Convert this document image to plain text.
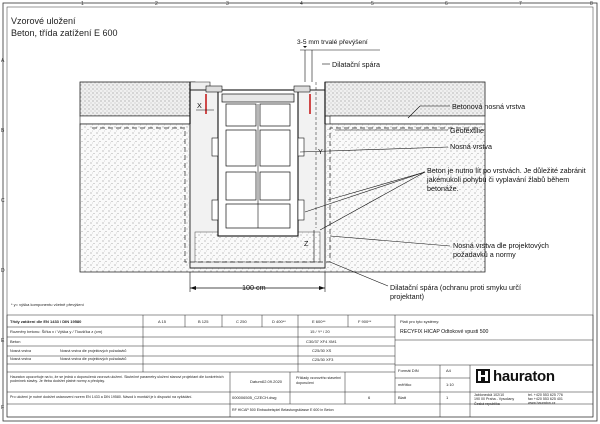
1	2	3	4	5	6	7	8
A
B
C
D
E
F
Vzorové uložení
Beton, třída zatížení E 600
3-5 mm trvalé převýšení
Dilatační spára
Betonová nosná vrstva
Geotextilie
Nosná vrstva
Beton je nutno lít po vrstvách. Je důležité zabránit jakémukoli pohybu či vyplavání žlabů během betonáže.
Nosná vrstva dle projektových požadavků a normy
Dilatační spára (ochranu proti smyku určí projektant)
100 cm
X
Y
Z
* y= výška komponentu včetně převýšení
Třídy zatížení dle EN 1433 / DIN 19580	A 15	B 125	C 250	D 400**	E 600**	F 900**
Rozměry betonu: Šířka x / Výška y / Tloušťka z (cm)	15 / Y* / 20
Beton	C30/37 XF4 XM1
Nosná vrstva	Nosná vrstva dle projektových požadavků	C25/30 XS
Nosná vrstva	Nosná vrstva dle projektových požadavků	C25/30 XF3
Hauraton upozorňuje na to, že se jedná o doporučená vzorová uložení. Skutečné parametry uložení stanoví projektant dle konkrétních podmínek stavby. Je třeba dodržet platné normy a předpisy.
Pro uložení je nutné dodržet ustanovení norem EN 1433 a DIN 19580. Návod k montáži je k dispozici na vyžádání.
Platí pro tyto systémy:
RECYFIX HICAP Odtokové vpusti 500
Datum: 02.09.2020
Příklady vzorového stavební doporučení
000006505_CZECH.dwg	6
RF HICAP 500 Einbaubeispiel Belastungsklasse E 600 in Beton
Formát DIN	A4
měřítko	1:10
Blatt	1
hauraton
Jabloneckä 102/10
190 00 Praha - Vysočany
Česká republika
tel. +420 553 625 776
fax +420 553 625 401
www.hauraton.cz
